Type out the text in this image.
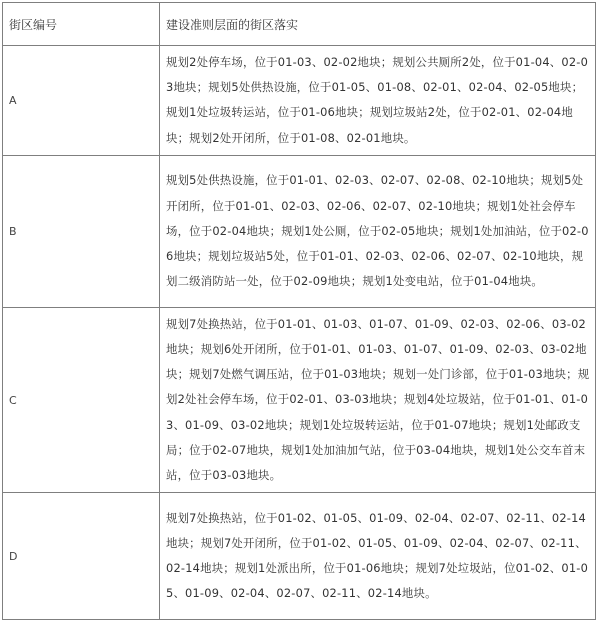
街区编号	建设准则层面的街区落实
A	规划2处停车场，位于01-03、02-02地块；规划公共厕所2处，位于01-04、02-03地块；规划5处供热设施，位于01-05、01-08、02-01、02-04、02-05地块；规划1处垃圾转运站，位于01-06地块；规划垃圾站2处，位于02-01、02-04地块；规划2处开闭所，位于01-08、02-01地块。
B	规划5处供热设施，位于01-01、02-03、02-07、02-08、02-10地块；规划5处开闭所，位于01-01、02-03、02-06、02-07、02-10地块；规划1处社会停车场，位于02-04地块；规划1处公厕，位于02-05地块；规划1处加油站，位于02-06地块；规划垃圾站5处，位于01-01、02-03、02-06、02-07、02-10地块，规划二级消防站一处，位于02-09地块；规划1处变电站，位于01-04地块。
C	规划7处换热站，位于01-01、01-03、01-07、01-09、02-03、02-06、03-02地块；规划6处开闭所，位于01-01、01-03、01-07、01-09、02-03、03-02地块；规划7处燃气调压站，位于01-03地块；规划一处门诊部，位于01-03地块；规划2处社会停车场，位于02-01、03-03地块；规划4处垃圾站，位于01-01、01-03、01-09、03-02地块；规划1处垃圾转运站，位于01-07地块；规划1处邮政支局；位于02-07地块，规划1处加油加气站，位于03-04地块，规划1处公交车首末站，位于03-03地块。
D	规划7处换热站，位于01-02、01-05、01-09、02-04、02-07、02-11、02-14地块；规划7处开闭所，位于01-02、01-05、01-09、02-04、02-07、02-11、02-14地块；规划1处派出所，位于01-06地块；规划7处垃圾站，位01-02、01-05、01-09、02-04、02-07、02-11、02-14地块。
